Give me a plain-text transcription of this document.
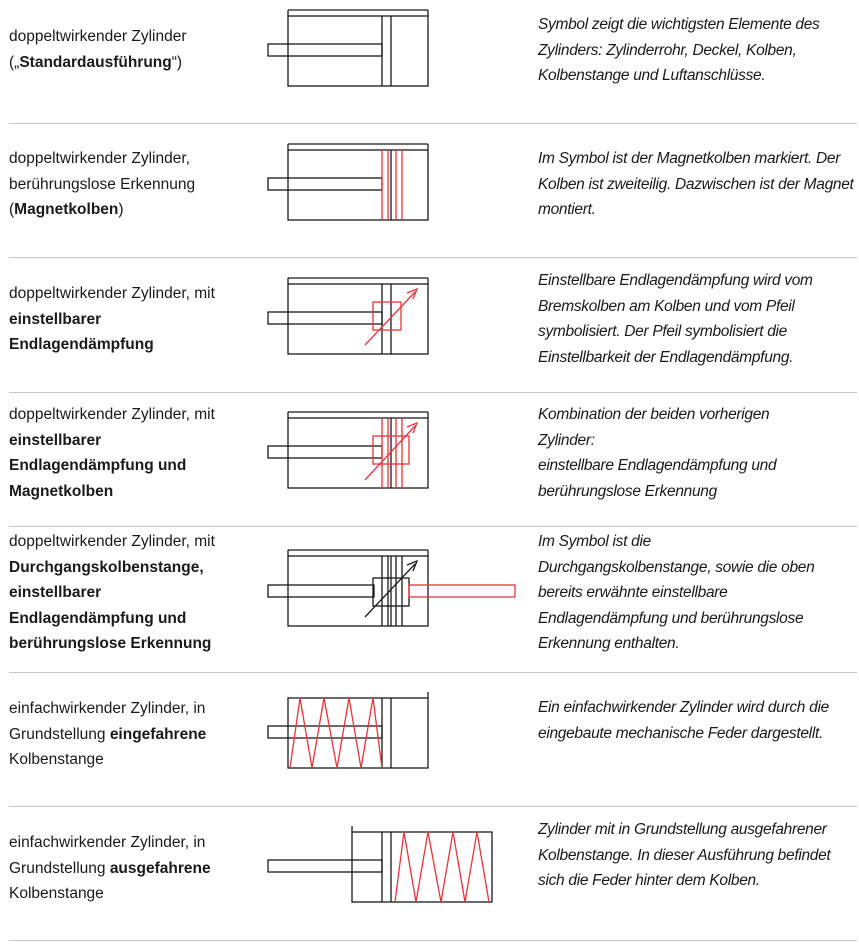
doppeltwirkender Zylinder
(„Standardausführung“)
Symbol zeigt die wichtigsten Elemente des Zylinders: Zylinderrohr, Deckel, Kolben, Kolbenstange und Luftanschlüsse.
doppeltwirkender Zylinder,
berührungslose Erkennung
(Magnetkolben)
Im Symbol ist der Magnetkolben markiert. Der Kolben ist zweiteilig. Dazwischen ist der Magnet montiert.
doppeltwirkender Zylinder, mit
einstellbarer
Endlagendämpfung
Einstellbare Endlagendämpfung wird vom Bremskolben am Kolben und vom Pfeil symbolisiert. Der Pfeil symbolisiert die Einstellbarkeit der Endlagendämpfung.
doppeltwirkender Zylinder, mit
einstellbarer
Endlagendämpfung und
Magnetkolben
Kombination der beiden vorherigen
Zylinder:
einstellbare Endlagendämpfung und
berührungslose Erkennung
doppeltwirkender Zylinder, mit
Durchgangskolbenstange,
einstellbarer
Endlagendämpfung und
berührungslose Erkennung
Im Symbol ist die
Durchgangskolbenstange, sowie die oben
bereits erwähnte einstellbare
Endlagendämpfung und berührungslose
Erkennung enthalten.
einfachwirkender Zylinder, in
Grundstellung eingefahrene
Kolbenstange
Ein einfachwirkender Zylinder wird durch die eingebaute mechanische Feder dargestellt.
einfachwirkender Zylinder, in
Grundstellung ausgefahrene
Kolbenstange
Zylinder mit in Grundstellung ausgefahrener Kolbenstange. In dieser Ausführung befindet sich die Feder hinter dem Kolben.
